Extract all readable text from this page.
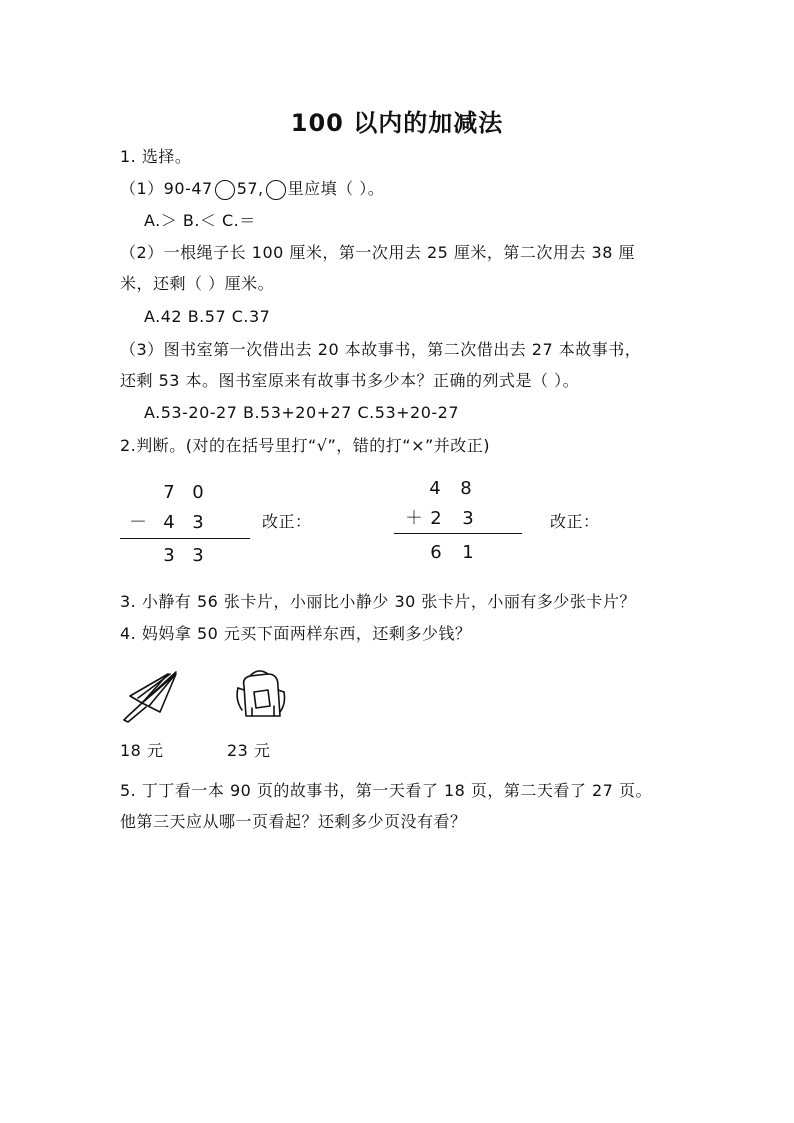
100 以内的加减法
1. 选择。
（1）90-47 57, 里应填（ ）。
A.＞ B.＜ C.＝
（2）一根绳子长 100 厘米，第一次用去 25 厘米，第二次用去 38 厘
米，还剩（ ）厘米。
A.42 B.57 C.37
（3）图书室第一次借出去 20 本故事书，第二次借出去 27 本故事书，
还剩 53 本。图书室原来有故事书多少本？正确的列式是（ ）。
A.53-20-27 B.53+20+27 C.53+20-27
2.判断。(对的在括号里打“√”，错的打“×”并改正)
7 0
－ 4 3
3 3
改正：
4 8
＋ 2 3
6 1
改正：
3. 小静有 56 张卡片，小丽比小静少 30 张卡片，小丽有多少张卡片？
4. 妈妈拿 50 元买下面两样东西，还剩多少钱？
18 元	23 元
5. 丁丁看一本 90 页的故事书，第一天看了 18 页，第二天看了 27 页。
他第三天应从哪一页看起？还剩多少页没有看？
